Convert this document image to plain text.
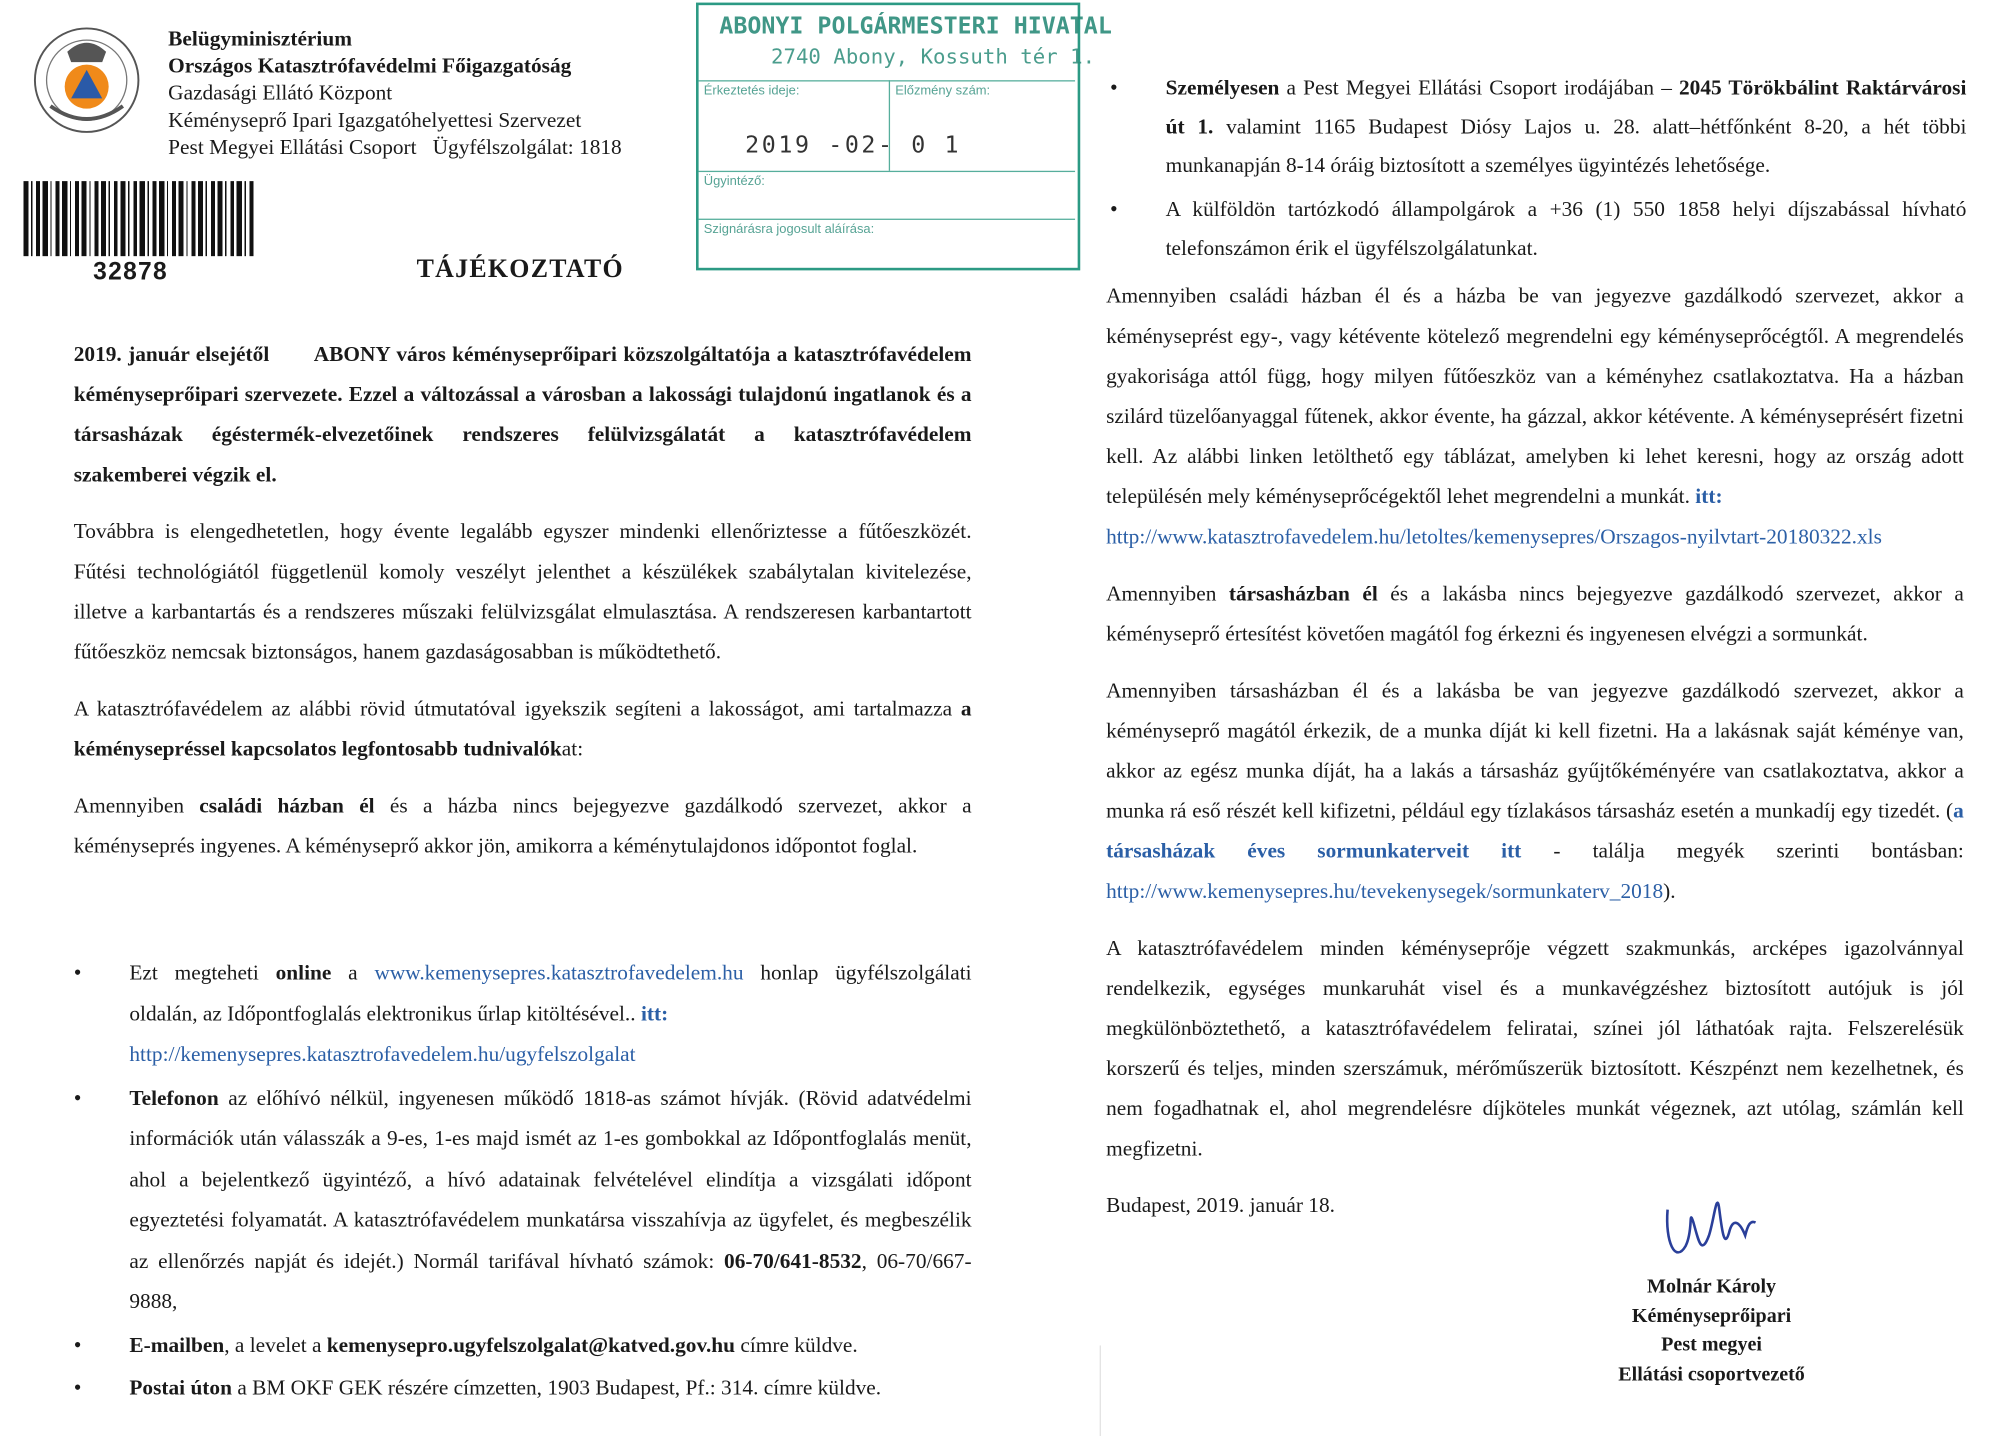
Belügyminisztérium
Országos Katasztrófavédelmi Főigazgatóság
Gazdasági Ellátó Központ
Kéményseprő Ipari Igazgatóhelyettesi Szervezet
Pest Megyei Ellátási Csoport   Ügyfélszolgálat: 1818
32878	TÁJÉKOZTATÓ
ABONYI POLGÁRMESTERI HIVATAL
2740 Abony, Kossuth tér 1.
Érkeztetés ideje:	Előzmény szám:
Ügyintéző:
Szignárásra jogosult aláírása:
2019 -02- 0 1

2019. január elsejétől	ABONY város kéményseprőipari közszolgáltatója a katasztrófavédelem kéményseprőipari szervezete. Ezzel a változással a városban a lakossági tulajdonú ingatlanok és a társasházak égéstermék-elvezetőinek rendszeres felülvizsgálatát a katasztrófavédelem szakemberei végzik el.

Továbbra is elengedhetetlen, hogy évente legalább egyszer mindenki ellenőriztesse a fűtőeszközét. Fűtési technológiától függetlenül komoly veszélyt jelenthet a készülékek szabálytalan kivitelezése, illetve a karbantartás és a rendszeres műszaki felülvizsgálat elmulasztása. A rendszeresen karbantartott fűtőeszköz nemcsak biztonságos, hanem gazdaságosabban is működtethető.

A katasztrófavédelem az alábbi rövid útmutatóval igyekszik segíteni a lakosságot, ami tartalmazza a kéménysepréssel kapcsolatos legfontosabb tudnivalókat:

Amennyiben családi házban él és a házba nincs bejegyezve gazdálkodó szervezet, akkor a kéményseprés ingyenes. A kéményseprő akkor jön, amikorra a kéménytulajdonos időpontot foglal.

• Ezt megteheti online a www.kemenysepres.katasztrofavedelem.hu honlap ügyfélszolgálati oldalán, az Időpontfoglalás elektronikus űrlap kitöltésével.. itt:
http://kemenysepres.katasztrofavedelem.hu/ugyfelszolgalat
• Telefonon az előhívó nélkül, ingyenesen működő 1818-as számot hívják. (Rövid adatvédelmi információk után válasszák a 9-es, 1-es majd ismét az 1-es gombokkal az Időpontfoglalás menüt, ahol a bejelentkező ügyintéző, a hívó adatainak felvételével elindítja a vizsgálati időpont egyeztetési folyamatát. A katasztrófavédelem munkatársa visszahívja az ügyfelet, és megbeszélik az ellenőrzés napját és idejét.) Normál tarifával hívható számok: 06-70/641-8532, 06-70/667-9888,
• E-mailben, a levelet a kemenyseprо.ugyfelszolgalat@katved.gov.hu címre küldve.
• Postai úton a BM OKF GEK részére címzetten, 1903 Budapest, Pf.: 314. címre küldve.
• Személyesen a Pest Megyei Ellátási Csoport irodájában – 2045 Törökbálint Raktárvárosi út 1. valamint 1165 Budapest Diósy Lajos u. 28. alatt–hétfőnként 8-20, a hét többi munkanapján 8-14 óráig biztosított a személyes ügyintézés lehetősége.
• A külföldön tartózkodó állampolgárok a +36 (1) 550 1858 helyi díjszabással hívható telefonszámon érik el ügyfélszolgálatunkat.

Amennyiben családi házban él és a házba be van jegyezve gazdálkodó szervezet, akkor a kéményseprést egy-, vagy kétévente kötelező megrendelni egy kéményseprőcégtől. A megrendelés gyakorisága attól függ, hogy milyen fűtőeszköz van a kéményhez csatlakoztatva. Ha a házban szilárd tüzelőanyaggal fűtenek, akkor évente, ha gázzal, akkor kétévente. A kéményseprésért fizetni kell. Az alábbi linken letölthető egy táblázat, amelyben ki lehet keresni, hogy az ország adott településén mely kéményseprőcégektől lehet megrendelni a munkát. itt:
http://www.katasztrofavedelem.hu/letoltes/kemenyseprеs/Orszagos-nyilvtart-20180322.xls

Amennyiben társasházban él és a lakásba nincs bejegyezve gazdálkodó szervezet, akkor a kéményseprő értesítést követően magától fog érkezni és ingyenesen elvégzi a sormunkát.

Amennyiben társasházban él és a lakásba be van jegyezve gazdálkodó szervezet, akkor a kéményseprő magától érkezik, de a munka díját ki kell fizetni. Ha a lakásnak saját kéménye van, akkor az egész munka díját, ha a lakás a társasház gyűjtőkéményére van csatlakoztatva, akkor a munka rá eső részét kell kifizetni, például egy tízlakásos társasház esetén a munkadíj egy tizedét. (a társasházak éves sormunkaterveit itt - találja megyék szerinti bontásban: http://www.kemenyseprеs.hu/tevekenysegek/sormunkaterv_2018).

A katasztrófavédelem minden kéményseprője végzett szakmunkás, arcképes igazolvánnyal rendelkezik, egységes munkaruhát visel és a munkavégzéshez biztosított autójuk is jól megkülönböztethető, a katasztrófavédelem feliratai, színei jól láthatóak rajta. Felszerelésük korszerű és teljes, minden szerszámuk, mérőműszerük biztosított. Készpénzt nem kezelhetnek, és nem fogadhatnak el, ahol megrendelésre díjköteles munkát végeznek, azt utólag, számlán kell megfizetni.

Budapest, 2019. január 18.
Molnár Károly
Kéményseprőipari
Pest megyei
Ellátási csoportvezető
